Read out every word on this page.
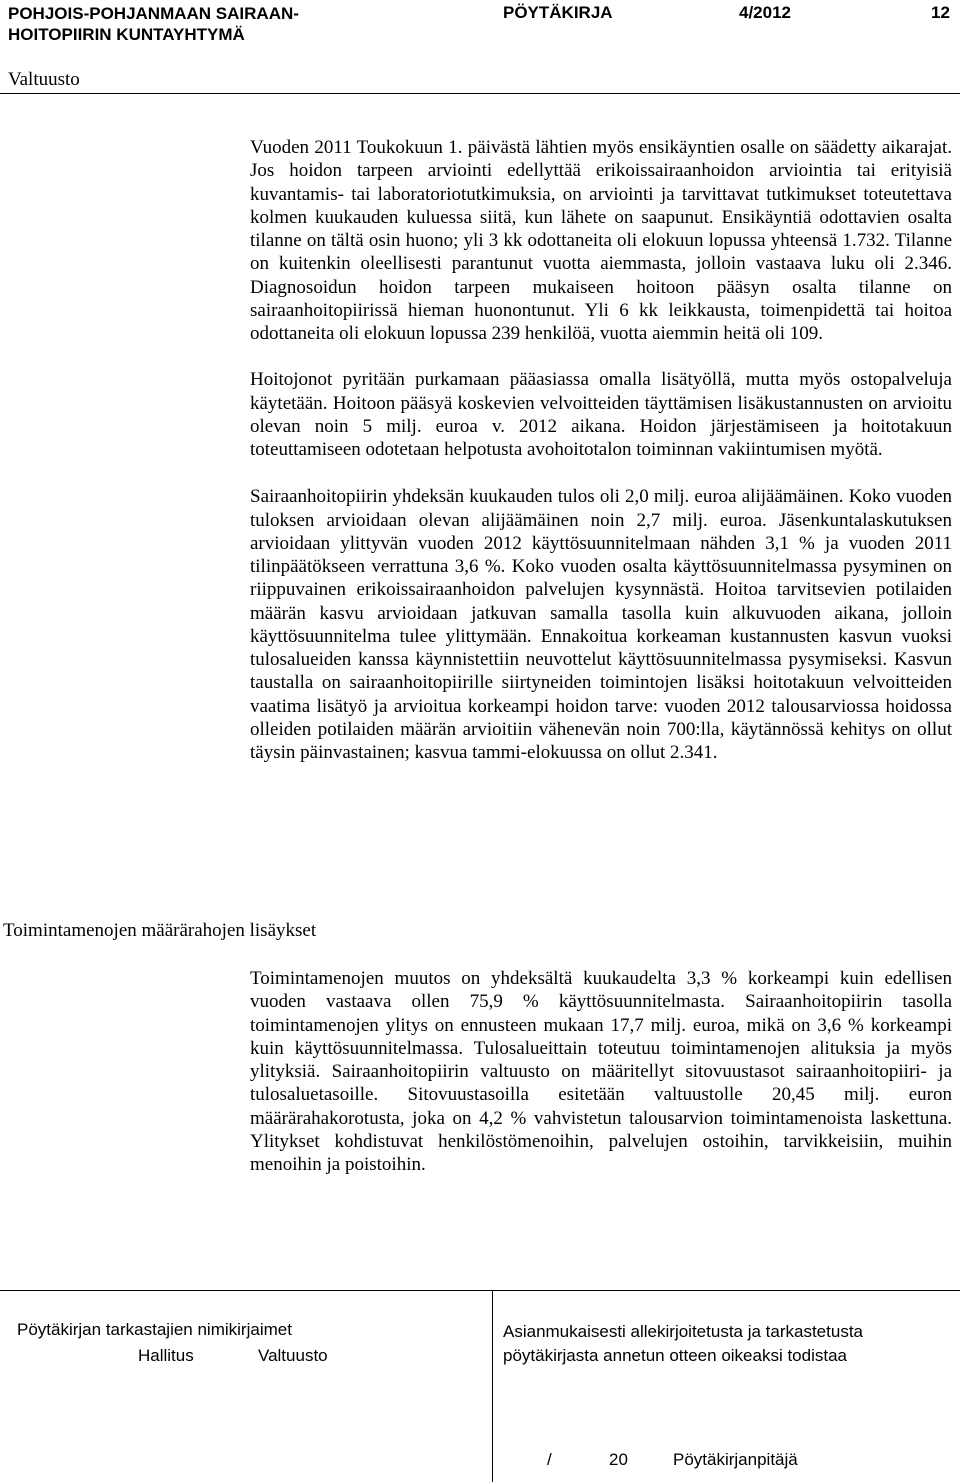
POHJOIS-POHJANMAAN SAIRAAN-
HOITOPIIRIN KUNTAYHTYMÄ
PÖYTÄKIRJA	4/2012	12
Valtuusto
Toimintamenojen määrärahojen lisäykset

Vuoden 2011 Toukokuun 1. päivästä lähtien myös ensikäyntien osalle on säädetty aikarajat. Jos hoidon tarpeen arviointi edellyttää erikoissairaanhoidon arviointia tai erityisiä kuvantamis- tai laboratoriotutkimuksia, on arviointi ja tarvittavat tutkimukset toteutettava kolmen kuukauden kuluessa siitä, kun lähete on saapunut. Ensikäyntiä odottavien osalta tilanne on tältä osin huono; yli 3 kk odottaneita oli elokuun lopussa yhteensä 1.732. Tilanne on kuitenkin oleellisesti parantunut vuotta aiemmasta, jolloin vastaava luku oli 2.346. Diagnosoidun hoidon tarpeen mukaiseen hoitoon pääsyn osalta tilanne on sairaanhoitopiirissä hieman huonontunut. Yli 6 kk leikkausta, toimenpidettä tai hoitoa odottaneita oli elokuun lopussa 239 henkilöä, vuotta aiemmin heitä oli 109.

Hoitojonot pyritään purkamaan pääasiassa omalla lisätyöllä, mutta myös ostopalveluja käytetään. Hoitoon pääsyä koskevien velvoitteiden täyttämisen lisäkustannusten on arvioitu olevan noin 5 milj. euroa v. 2012 aikana. Hoidon järjestämiseen ja hoitotakuun toteuttamiseen odotetaan helpotusta avohoitotalon toiminnan vakiintumisen myötä.

Sairaanhoitopiirin yhdeksän kuukauden tulos oli 2,0 milj. euroa alijäämäinen. Koko vuoden tuloksen arvioidaan olevan alijäämäinen noin 2,7 milj. euroa. Jäsenkuntalaskutuksen arvioidaan ylittyvän vuoden 2012 käyttösuunnitelmaan nähden 3,1 % ja vuoden 2011 tilinpäätökseen verrattuna 3,6 %. Koko vuoden osalta käyttösuunnitelmassa pysyminen on riippuvainen erikoissairaanhoidon palvelujen kysynnästä. Hoitoa tarvitsevien potilaiden määrän kasvu arvioidaan jatkuvan samalla tasolla kuin alkuvuoden aikana, jolloin käyttösuunnitelma tulee ylittymään. Ennakoitua korkeaman kustannusten kasvun vuoksi tulosalueiden kanssa käynnistettiin neuvottelut käyttösuunnitelmassa pysymiseksi. Kasvun taustalla on sairaanhoitopiirille siirtyneiden toimintojen lisäksi hoitotakuun velvoitteiden vaatima lisätyö ja arvioitua korkeampi hoidon tarve: vuoden 2012 talousarviossa hoidossa olleiden potilaiden määrän arvioitiin vähenevän noin 700:lla, käytännössä kehitys on ollut täysin päinvastainen; kasvua tammi-elokuussa on ollut 2.341.

Toimintamenojen muutos on yhdeksältä kuukaudelta 3,3 % korkeampi kuin edellisen vuoden vastaava ollen 75,9 % käyttösuunnitelmasta. Sairaanhoitopiirin tasolla toimintamenojen ylitys on ennusteen mukaan 17,7 milj. euroa, mikä on 3,6 % korkeampi kuin käyttösuunnitelmassa. Tulosalueittain toteutuu toimintamenojen alituksia ja myös ylityksiä. Sairaanhoitopiirin valtuusto on määritellyt sitovuustasot sairaanhoitopiiri- ja tulosaluetasoille. Sitovuustasoilla esitetään valtuustolle 20,45 milj. euron määrärahakorotusta, joka on 4,2 % vahvistetun talousarvion toimintamenoista laskettuna. Ylitykset kohdistuvat henkilöstömenoihin, palvelujen ostoihin, tarvikkeisiin, muihin menoihin ja poistoihin.

Pöytäkirjan tarkastajien nimikirjaimet
Hallitus	Valtuusto
Asianmukaisesti allekirjoitetusta ja tarkastetusta
pöytäkirjasta annetun otteen oikeaksi todistaa
/	20	Pöytäkirjanpitäjä
